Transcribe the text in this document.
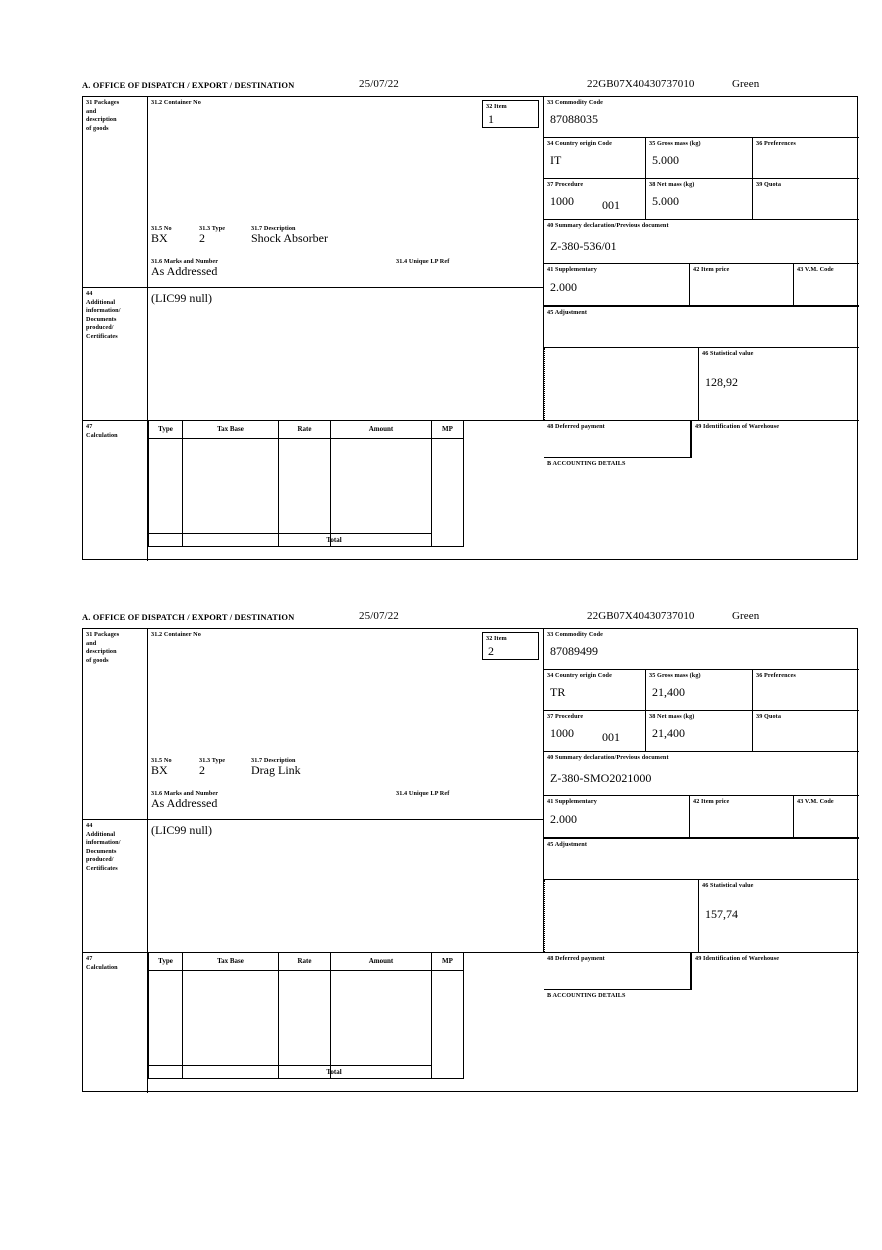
A. OFFICE OF DISPATCH / EXPORT / DESTINATION	25/07/22	22GB07X40430737010	Green
31 Packages
and
description
of goods
31.2 Container No
31.5 No	31.3 Type	31.7 Description
BX	2	Shock Absorber
31.6 Marks and Number	31.4 Unique LP Ref
As Addressed
32 Item
1
33 Commodity Code
87088035
34 Country origin Code
IT
35 Gross mass (kg)
5.000
36 Preferences
37 Procedure
1000	001
38 Net mass (kg)
5.000
39 Quota
40 Summary declaration/Previous document
Z-380-536/01
41 Supplementary
2.000
42 Item price	43 V.M. Code
44
Additional
information/
Documents
produced/
Certificates
(LIC99 null)
45 Adjustment
46 Statistical value
128,92
47
Calculation
Type	Tax Base	Rate	Amount	MP
Total
48 Deferred payment	49 Identification of Warehouse
B ACCOUNTING DETAILS
A. OFFICE OF DISPATCH / EXPORT / DESTINATION	25/07/22	22GB07X40430737010	Green
31 Packages
and
description
of goods
31.2 Container No
31.5 No	31.3 Type	31.7 Description
BX	2	Drag Link
31.6 Marks and Number	31.4 Unique LP Ref
As Addressed
32 Item
2
33 Commodity Code
87089499
34 Country origin Code
TR
35 Gross mass (kg)
21,400
36 Preferences
37 Procedure
1000	001
38 Net mass (kg)
21,400
39 Quota
40 Summary declaration/Previous document
Z-380-SMO2021000
41 Supplementary
2.000
42 Item price	43 V.M. Code
44
Additional
information/
Documents
produced/
Certificates
(LIC99 null)
45 Adjustment
46 Statistical value
157,74
47
Calculation
Type	Tax Base	Rate	Amount	MP
Total
48 Deferred payment	49 Identification of Warehouse
B ACCOUNTING DETAILS
